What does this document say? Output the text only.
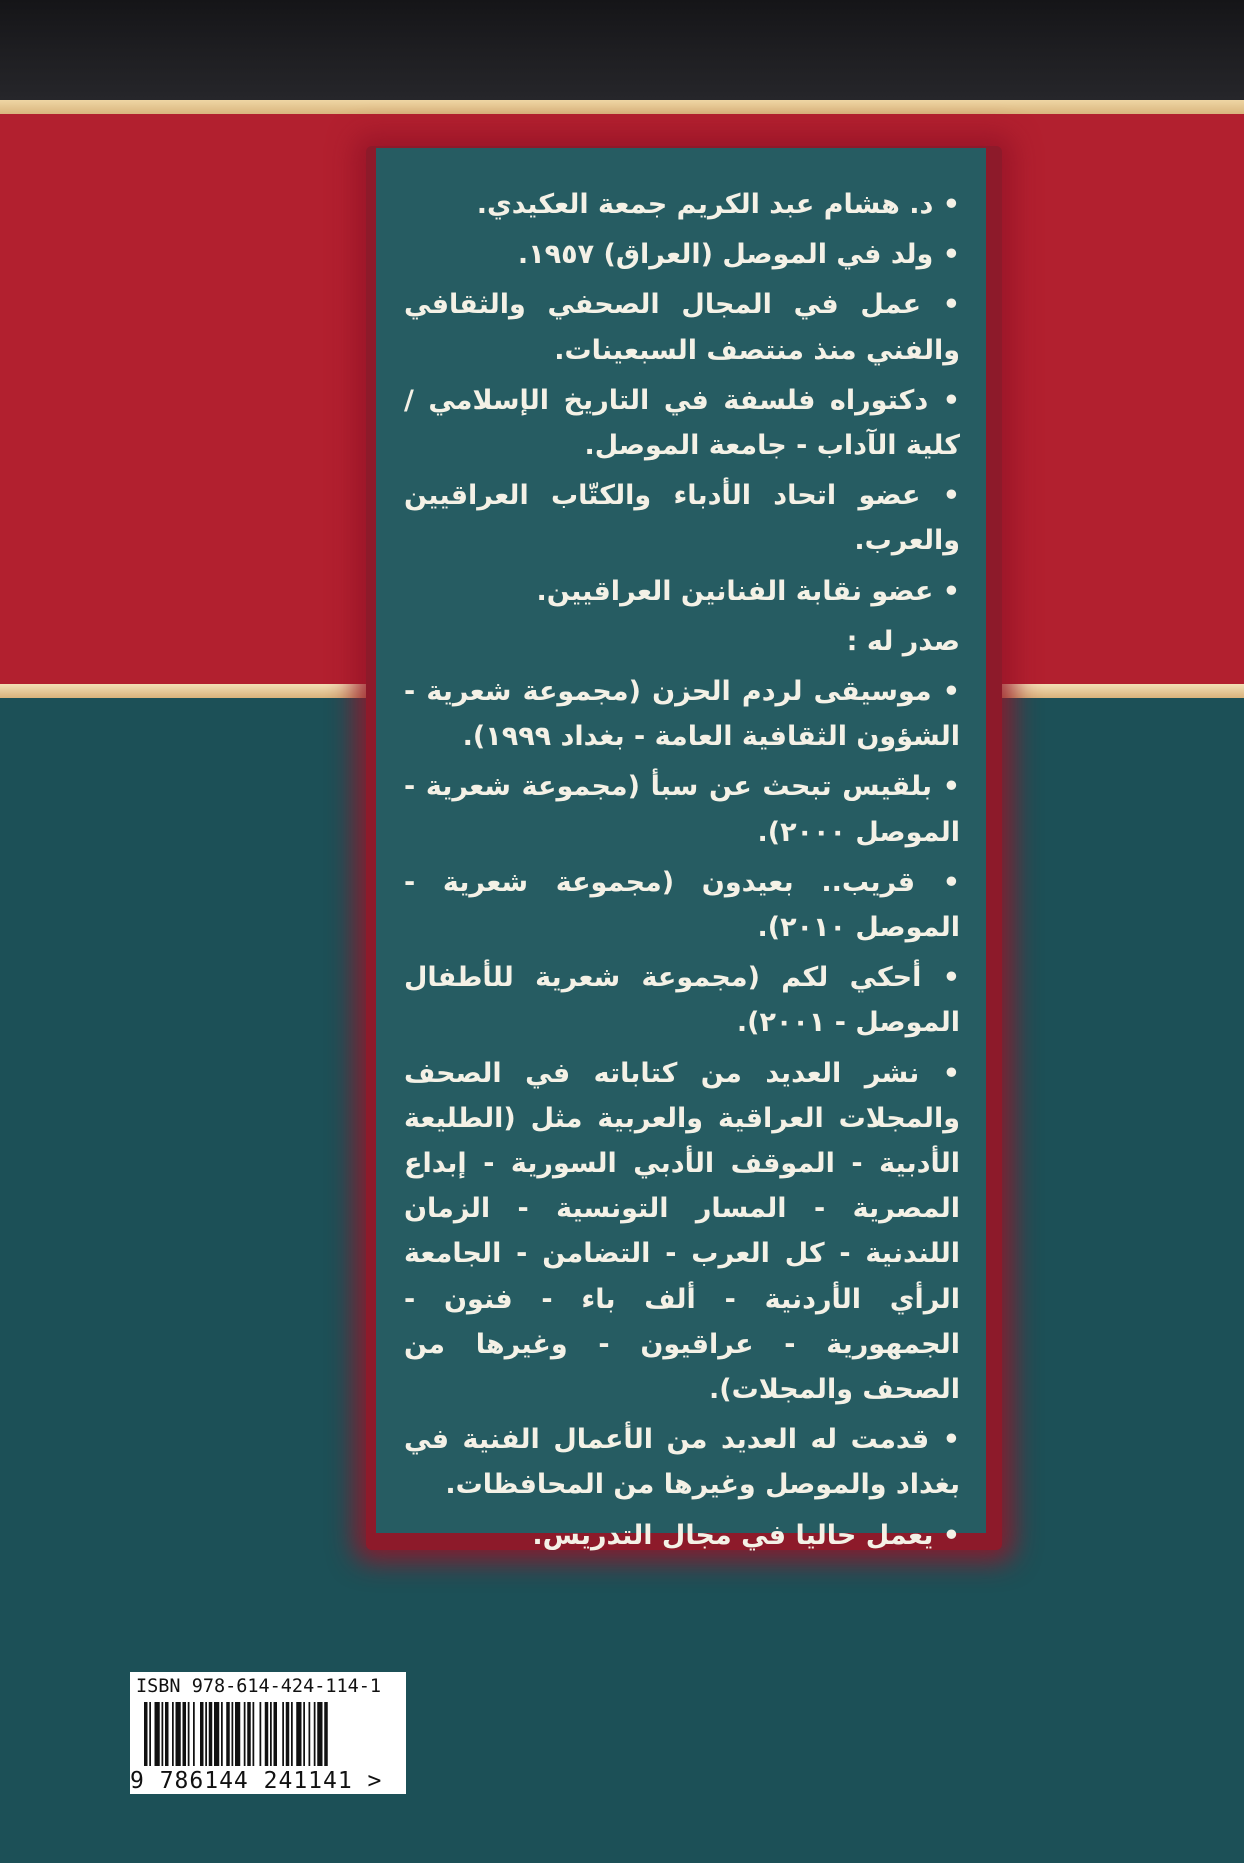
• د. هشام عبد الكريم جمعة العكيدي.

• ولد في الموصل (العراق) ١٩٥٧.

• عمل في المجال الصحفي والثقافي والفني منذ منتصف السبعينات.

• دكتوراه فلسفة في التاريخ الإسلامي / كلية الآداب - جامعة الموصل.

• عضو اتحاد الأدباء والكتّاب العراقيين والعرب.

• عضو نقابة الفنانين العراقيين.

صدر له :

• موسيقى لردم الحزن (مجموعة شعرية - الشؤون الثقافية العامة - بغداد ١٩٩٩).

• بلقيس تبحث عن سبأ (مجموعة شعرية - الموصل ٢٠٠٠).

• قريب.. بعيدون (مجموعة شعرية - الموصل ٢٠١٠).

• أحكي لكم (مجموعة شعرية للأطفال الموصل - ٢٠٠١).

• نشر العديد من كتاباته في الصحف والمجلات العراقية والعربية مثل (الطليعة الأدبية - الموقف الأدبي السورية - إبداع المصرية - المسار التونسية - الزمان اللندنية - كل العرب - التضامن - الجامعة الرأي الأردنية - ألف باء - فنون - الجمهورية - عراقيون - وغيرها من الصحف والمجلات).

• قدمت له العديد من الأعمال الفنية في بغداد والموصل وغيرها من المحافظات.

• يعمل حاليا في مجال التدريس.

ISBN 978-614-424-114-1
9 786144 241141 >
